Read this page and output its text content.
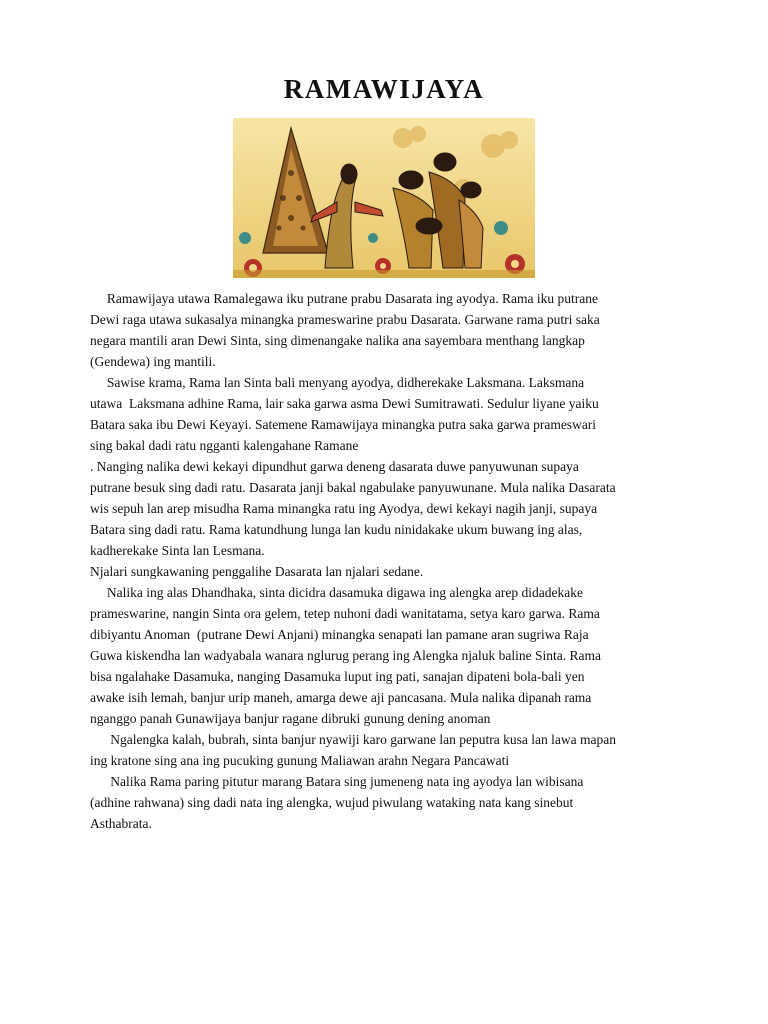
RAMAWIJAYA
Ramawijaya utawa Ramalegawa iku putrane prabu Dasarata ing ayodya. Rama iku putrane
Dewi raga utawa sukasalya minangka prameswarine prabu Dasarata. Garwane rama putri saka
negara mantili aran Dewi Sinta, sing dimenangake nalika ana sayembara menthang langkap
(Gendewa) ing mantili.
Sawise krama, Rama lan Sinta bali menyang ayodya, didherekake Laksmana. Laksmana
utawa  Laksmana adhine Rama, lair saka garwa asma Dewi Sumitrawati. Sedulur liyane yaiku
Batara saka ibu Dewi Keyayi. Satemene Ramawijaya minangka putra saka garwa prameswari
sing bakal dadi ratu ngganti kalengahane Ramane
. Nanging nalika dewi kekayi dipundhut garwa deneng dasarata duwe panyuwunan supaya
putrane besuk sing dadi ratu. Dasarata janji bakal ngabulake panyuwunane. Mula nalika Dasarata
wis sepuh lan arep misudha Rama minangka ratu ing Ayodya, dewi kekayi nagih janji, supaya
Batara sing dadi ratu. Rama katundhung lunga lan kudu ninidakake ukum buwang ing alas,
kadherekake Sinta lan Lesmana.
Njalari sungkawaning penggalihe Dasarata lan njalari sedane.
Nalika ing alas Dhandhaka, sinta dicidra dasamuka digawa ing alengka arep didadekake
prameswarine, nangin Sinta ora gelem, tetep nuhoni dadi wanitatama, setya karo garwa. Rama
dibiyantu Anoman  (putrane Dewi Anjani) minangka senapati lan pamane aran sugriwa Raja
Guwa kiskendha lan wadyabala wanara nglurug perang ing Alengka njaluk baline Sinta. Rama
bisa ngalahake Dasamuka, nanging Dasamuka luput ing pati, sanajan dipateni bola-bali yen
awake isih lemah, banjur urip maneh, amarga dewe aji pancasana. Mula nalika dipanah rama
nganggo panah Gunawijaya banjur ragane dibruki gunung dening anoman
Ngalengka kalah, bubrah, sinta banjur nyawiji karo garwane lan peputra kusa lan lawa mapan
ing kratone sing ana ing pucuking gunung Maliawan arahn Negara Pancawati
Nalika Rama paring pitutur marang Batara sing jumeneng nata ing ayodya lan wibisana
(adhine rahwana) sing dadi nata ing alengka, wujud piwulang wataking nata kang sinebut
Asthabrata.
